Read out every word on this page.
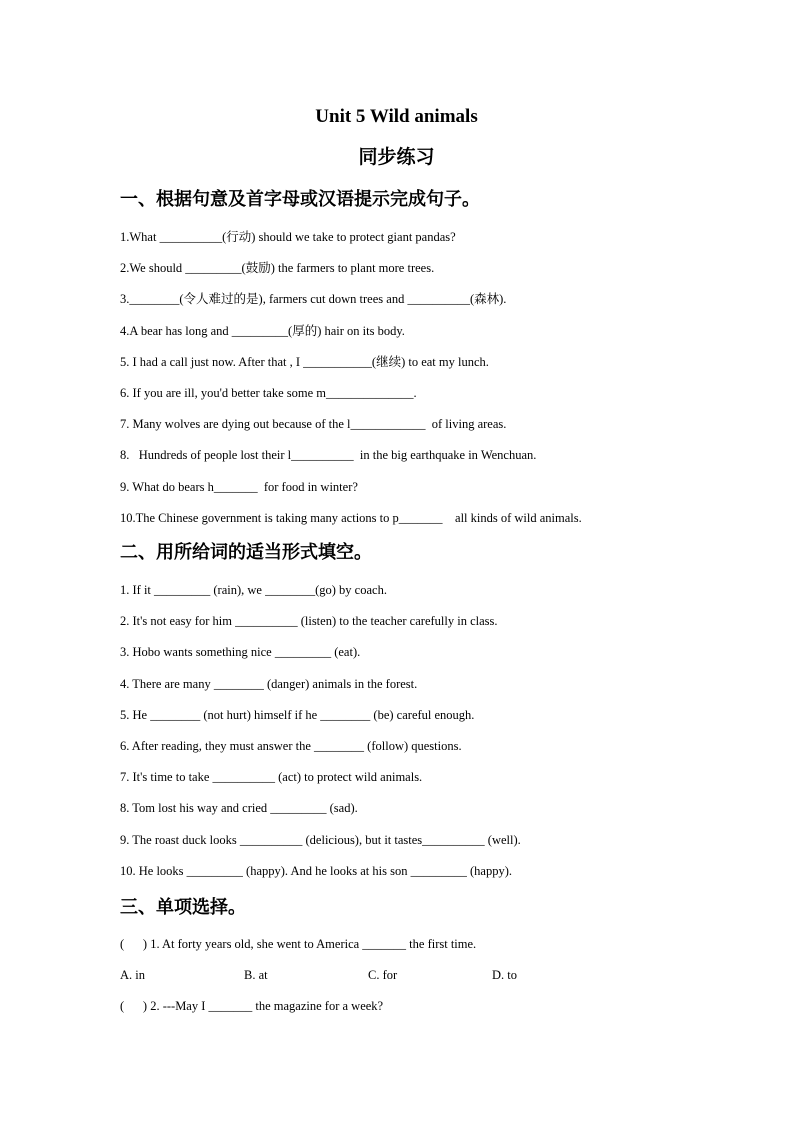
Unit 5 Wild animals
同步练习
一、根据句意及首字母或汉语提示完成句子。
1.What __________(行动) should we take to protect giant pandas?
2.We should _________(鼓励) the farmers to plant more trees.
3.________(令人难过的是), farmers cut down trees and __________(森林).
4.A bear has long and _________(厚的) hair on its body.
5. I had a call just now. After that , I ___________(继续) to eat my lunch.
6. If you are ill, you'd better take some m______________.
7. Many wolves are dying out because of the l____________  of living areas.
8.   Hundreds of people lost their l__________  in the big earthquake in Wenchuan.
9. What do bears h_______  for food in winter?
10.The Chinese government is taking many actions to p_______    all kinds of wild animals.
二、用所给词的适当形式填空。
1. If it _________ (rain), we ________(go) by coach.
2. It's not easy for him __________ (listen) to the teacher carefully in class.
3. Hobo wants something nice _________ (eat).
4. There are many ________ (danger) animals in the forest.
5. He ________ (not hurt) himself if he ________ (be) careful enough.
6. After reading, they must answer the ________ (follow) questions.
7. It's time to take __________ (act) to protect wild animals.
8. Tom lost his way and cried _________ (sad).
9. The roast duck looks __________ (delicious), but it tastes__________ (well).
10. He looks _________ (happy). And he looks at his son _________ (happy).
三、单项选择。
(      ) 1. At forty years old, she went to America _______ the first time.
A. in	B. at	C. for	D. to
(      ) 2. ---May I _______ the magazine for a week?
